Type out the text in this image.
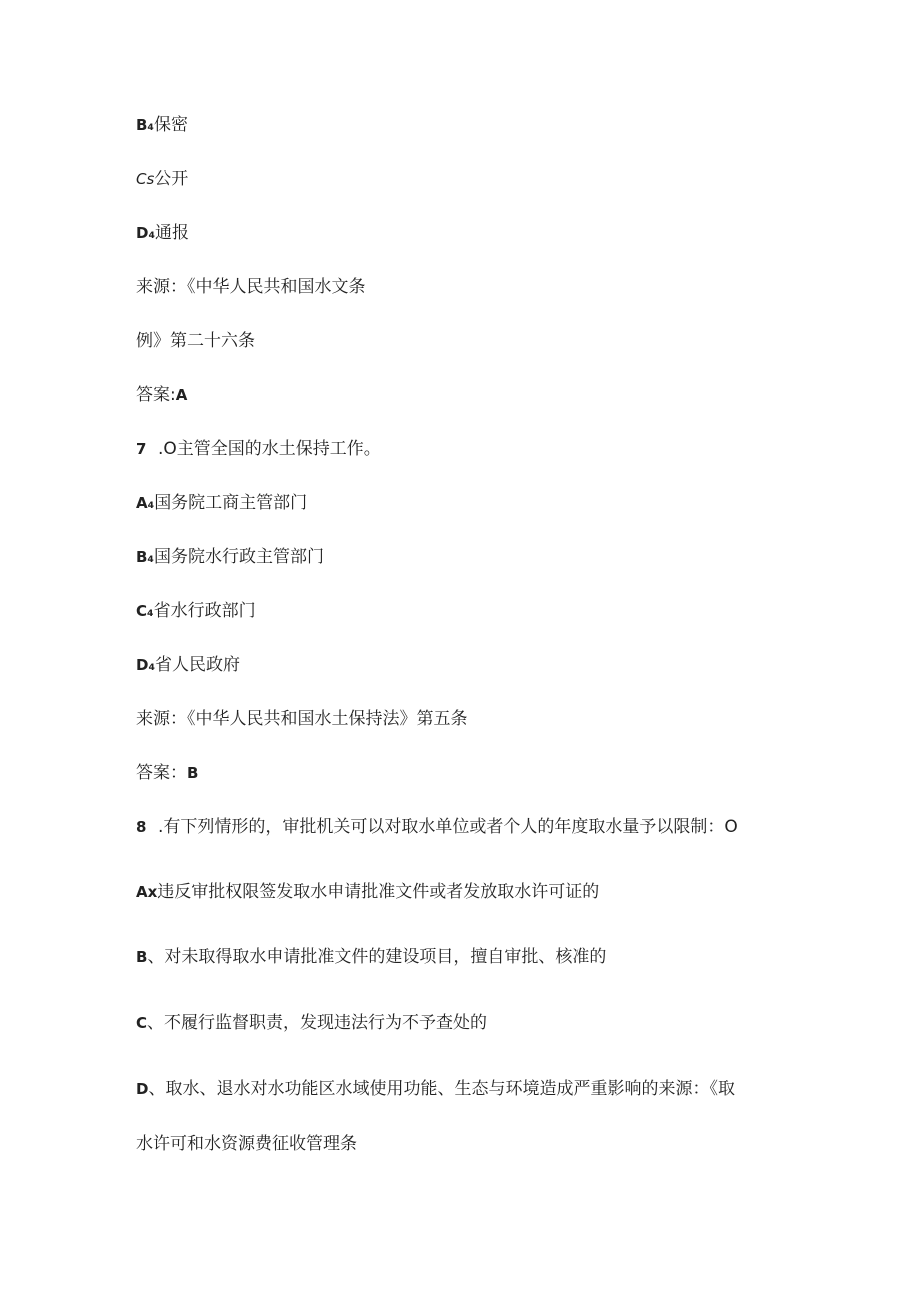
B₄保密
Cs公开
D₄通报
来源：《中华人民共和国水文条
例》第二十六条
答案:A
7 .O主管全国的水土保持工作。
A₄国务院工商主管部门
B₄国务院水行政主管部门
C₄省水行政部门
D₄省人民政府
来源：《中华人民共和国水土保持法》第五条
答案：B
8 .有下列情形的，审批机关可以对取水单位或者个人的年度取水量予以限制：O
Ax违反审批权限签发取水申请批准文件或者发放取水许可证的
B、对未取得取水申请批准文件的建设项目，擅自审批、核准的
C、不履行监督职责，发现违法行为不予查处的
D、取水、退水对水功能区水域使用功能、生态与环境造成严重影响的来源：《取
水许可和水资源费征收管理条
